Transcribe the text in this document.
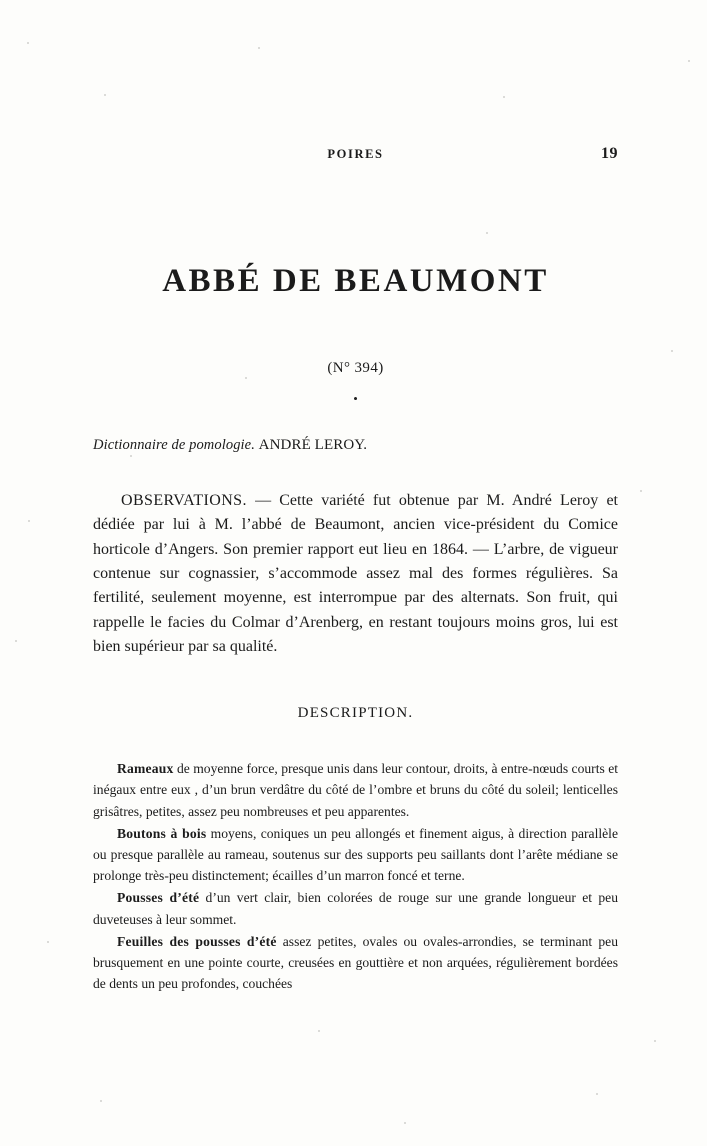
POIRES	19
ABBÉ DE BEAUMONT
(N° 394)
•
Dictionnaire de pomologie. ANDRÉ LEROY.

OBSERVATIONS. — Cette variété fut obtenue par M. André Leroy et dédiée par lui à M. l’abbé de Beaumont, ancien vice-président du Comice horticole d’Angers. Son premier rapport eut lieu en 1864. — L’arbre, de vigueur contenue sur cognassier, s’accommode assez mal des formes régulières. Sa fertilité, seulement moyenne, est interrompue par des alternats. Son fruit, qui rappelle le facies du Colmar d’Arenberg, en restant toujours moins gros, lui est bien supérieur par sa qualité.

DESCRIPTION.

Rameaux de moyenne force, presque unis dans leur contour, droits, à entre-nœuds courts et inégaux entre eux , d’un brun verdâtre du côté de l’ombre et bruns du côté du soleil; lenticelles grisâtres, petites, assez peu nombreuses et peu apparentes.

Boutons à bois moyens, coniques un peu allongés et finement aigus, à direction parallèle ou presque parallèle au rameau, soutenus sur des supports peu saillants dont l’arête médiane se prolonge très-peu distinctement; écailles d’un marron foncé et terne.

Pousses d’été d’un vert clair, bien colorées de rouge sur une grande longueur et peu duveteuses à leur sommet.

Feuilles des pousses d’été assez petites, ovales ou ovales-arrondies, se terminant peu brusquement en une pointe courte, creusées en gouttière et non arquées, régulièrement bordées de dents un peu profondes, couchées
